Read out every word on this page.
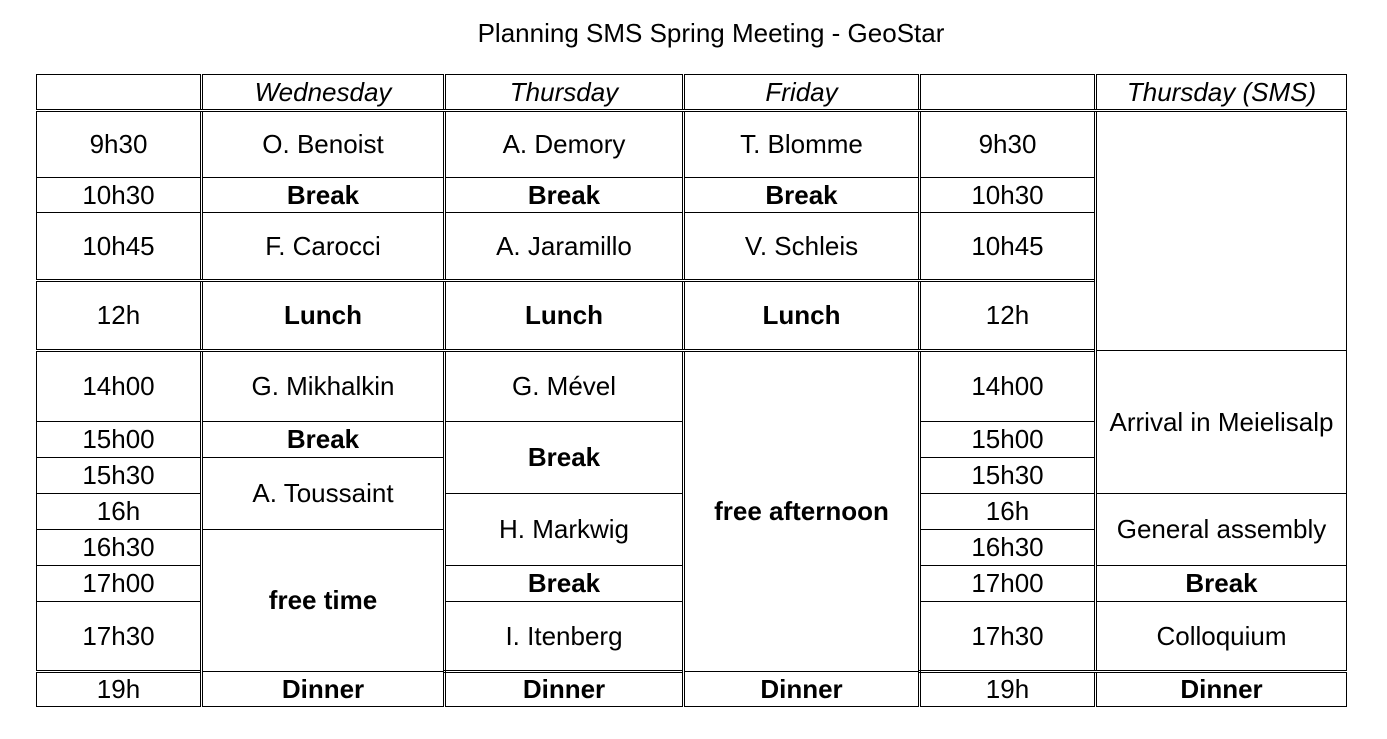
Planning SMS Spring Meeting - GeoStar
	Wednesday	Thursday	Friday		Thursday (SMS)
9h30	O. Benoist	A. Demory	T. Blomme	9h30	
10h30	Break	Break	Break	10h30	
10h45	F. Carocci	A. Jaramillo	V. Schleis	10h45	
12h	Lunch	Lunch	Lunch	12h	
14h00	G. Mikhalkin	G. Mével	free afternoon	14h00	Arrival in Meielisalp
15h00	Break	Break		15h00	
15h30	A. Toussaint			15h30	
16h		H. Markwig		16h	General assembly
16h30	free time			16h30	
17h00		Break		17h00	Break
17h30		I. Itenberg		17h30	Colloquium
19h	Dinner	Dinner	Dinner	19h	Dinner
